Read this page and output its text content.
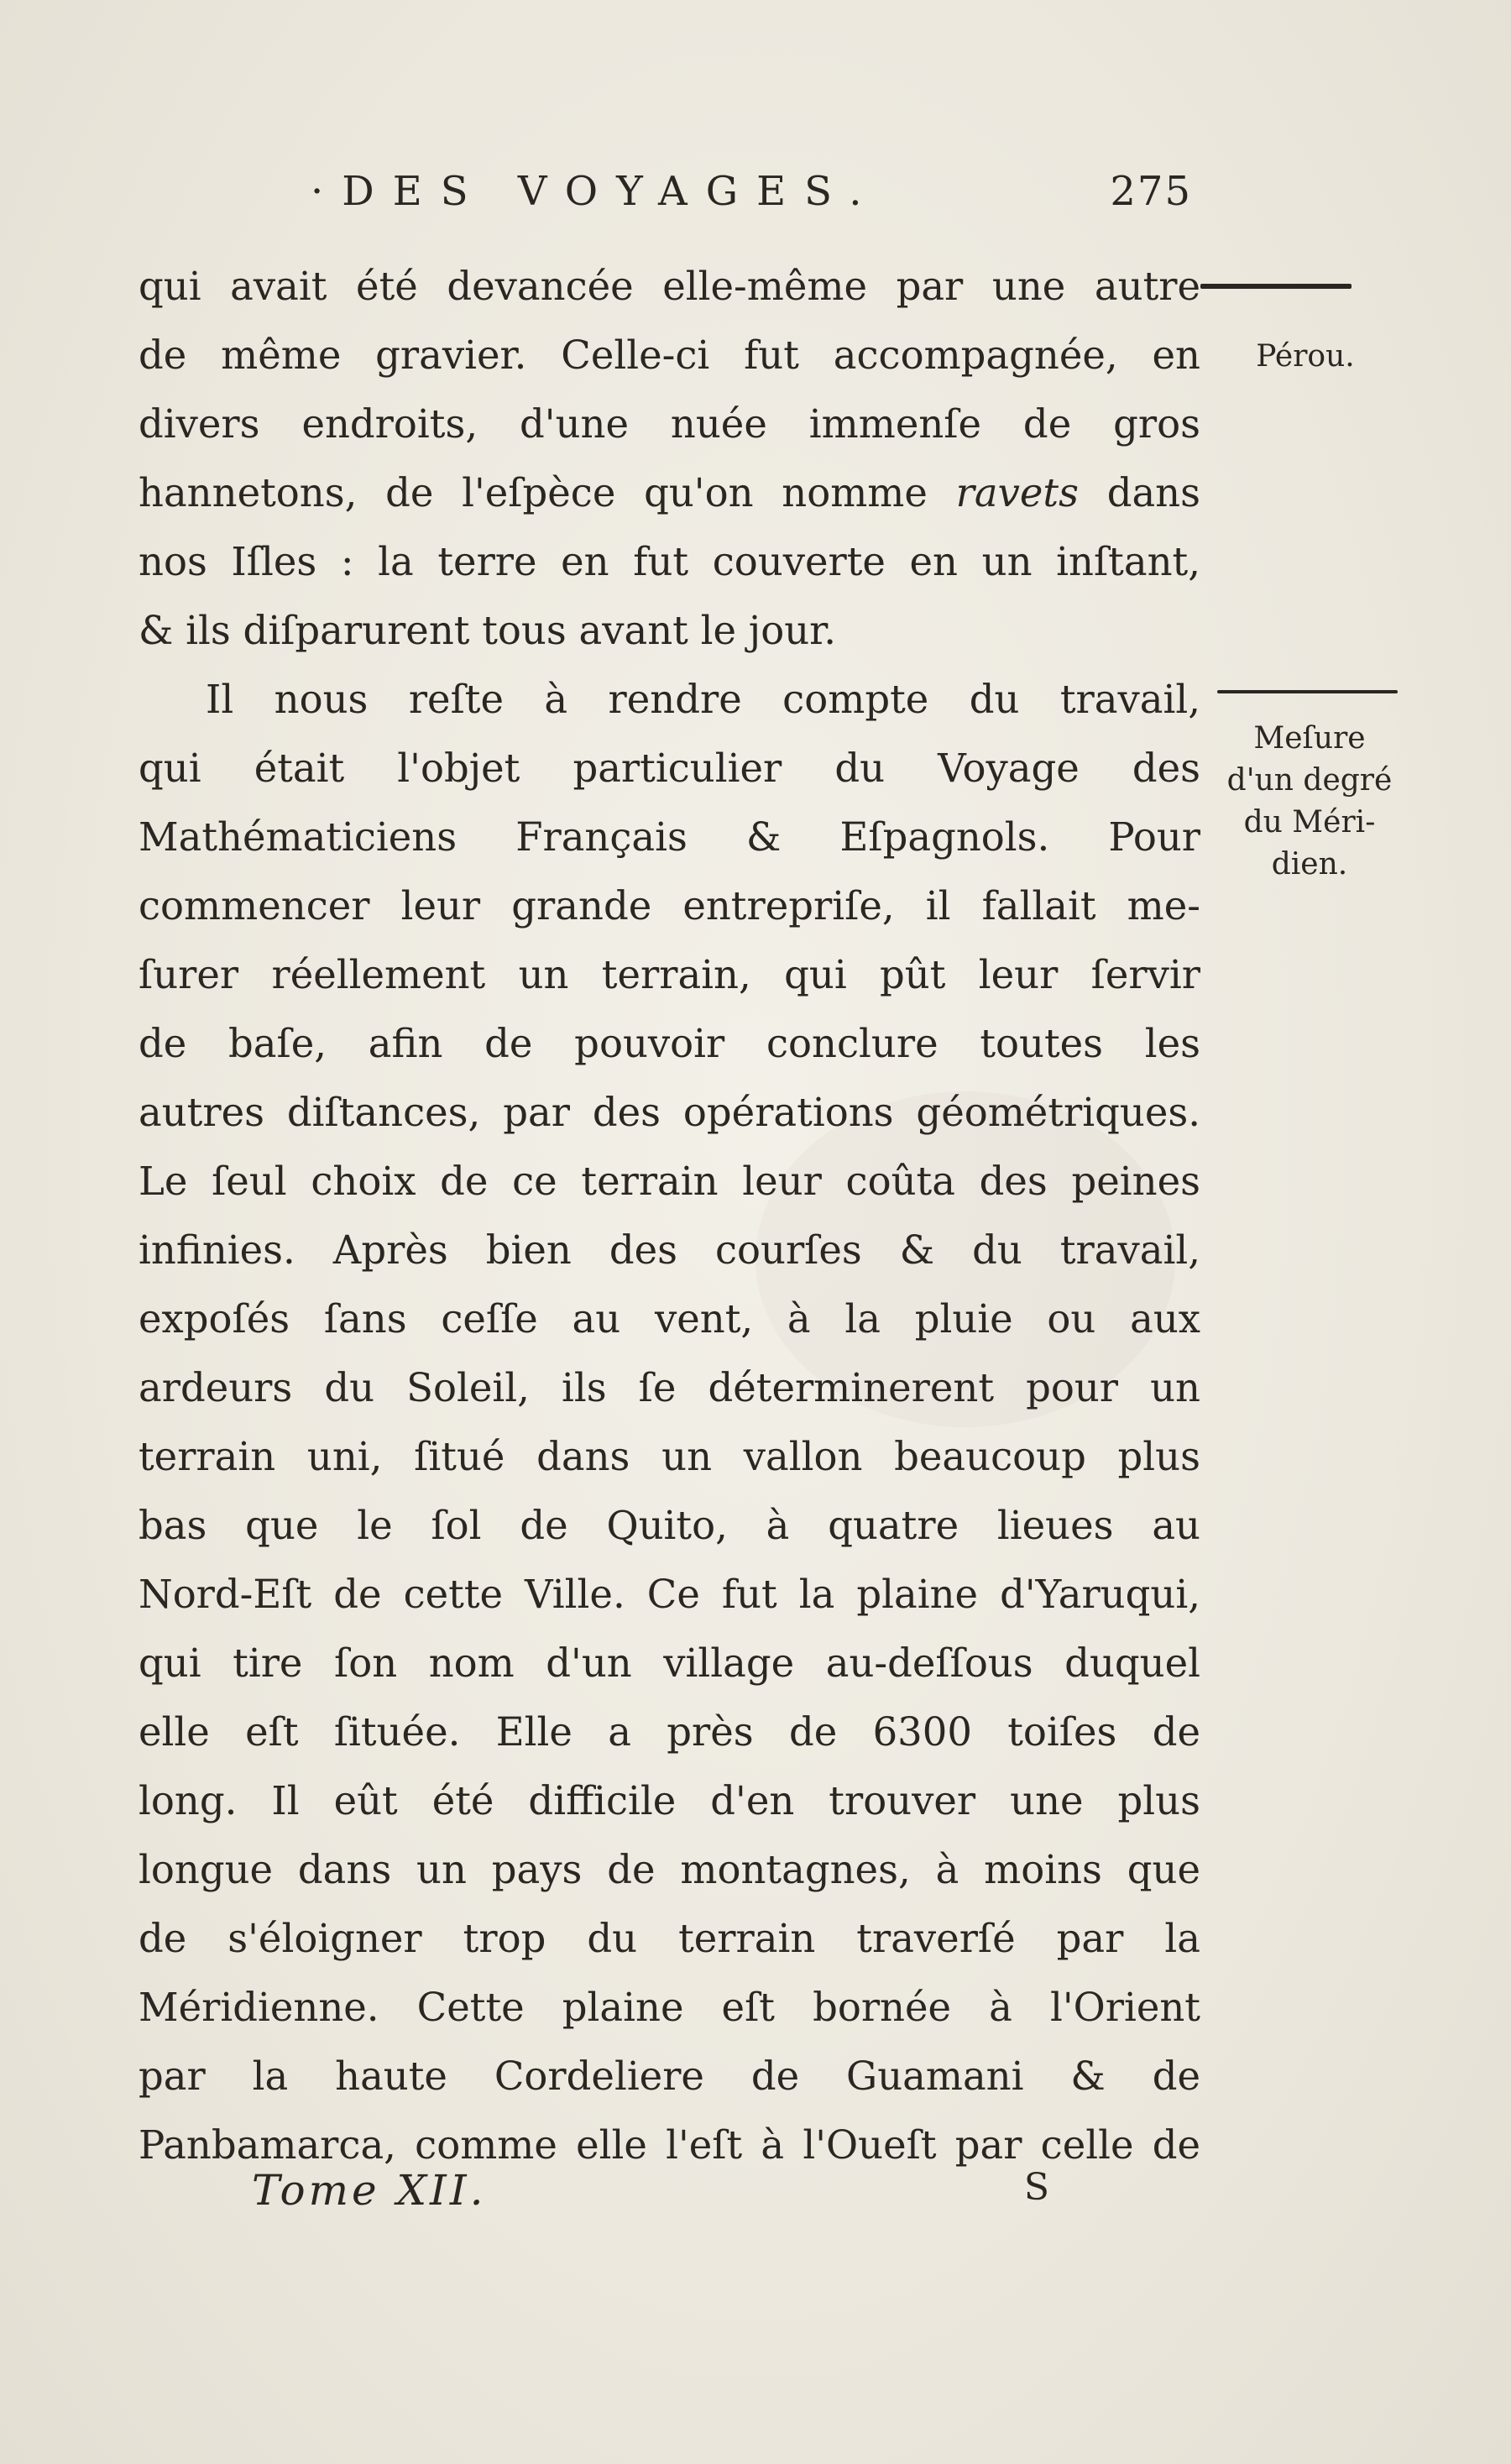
·DES VOYAGES.	275
qui avait été devancée elle-même par une autre
de même gravier. Celle-ci fut accompagnée, en
divers endroits, d'une nuée immenſe de gros
hannetons, de l'eſpèce qu'on nomme ravets dans
nos Iſles : la terre en fut couverte en un inſtant,
& ils diſparurent tous avant le jour.
Il nous reſte à rendre compte du travail,
qui était l'objet particulier du Voyage des
Mathématiciens Français & Eſpagnols. Pour
commencer leur grande entrepriſe, il fallait me-
ſurer réellement un terrain, qui pût leur ſervir
de baſe, afin de pouvoir conclure toutes les
autres diſtances, par des opérations géométriques.
Le ſeul choix de ce terrain leur coûta des peines
infinies. Après bien des courſes & du travail,
expoſés ſans ceſſe au vent, à la pluie ou aux
ardeurs du Soleil, ils ſe déterminerent pour un
terrain uni, ſitué dans un vallon beaucoup plus
bas que le ſol de Quito, à quatre lieues au
Nord-Eſt de cette Ville. Ce fut la plaine d'Yaruqui,
qui tire ſon nom d'un village au-deſſous duquel
elle eſt ſituée. Elle a près de 6300 toiſes de
long. Il eût été difficile d'en trouver une plus
longue dans un pays de montagnes, à moins que
de s'éloigner trop du terrain traverſé par la
Méridienne. Cette plaine eſt bornée à l'Orient
par la haute Cordeliere de Guamani & de
Panbamarca, comme elle l'eſt à l'Oueſt par celle de
Pérou.
Meſure
d'un degré
du Méri-
dien.
Tome XII.	S
